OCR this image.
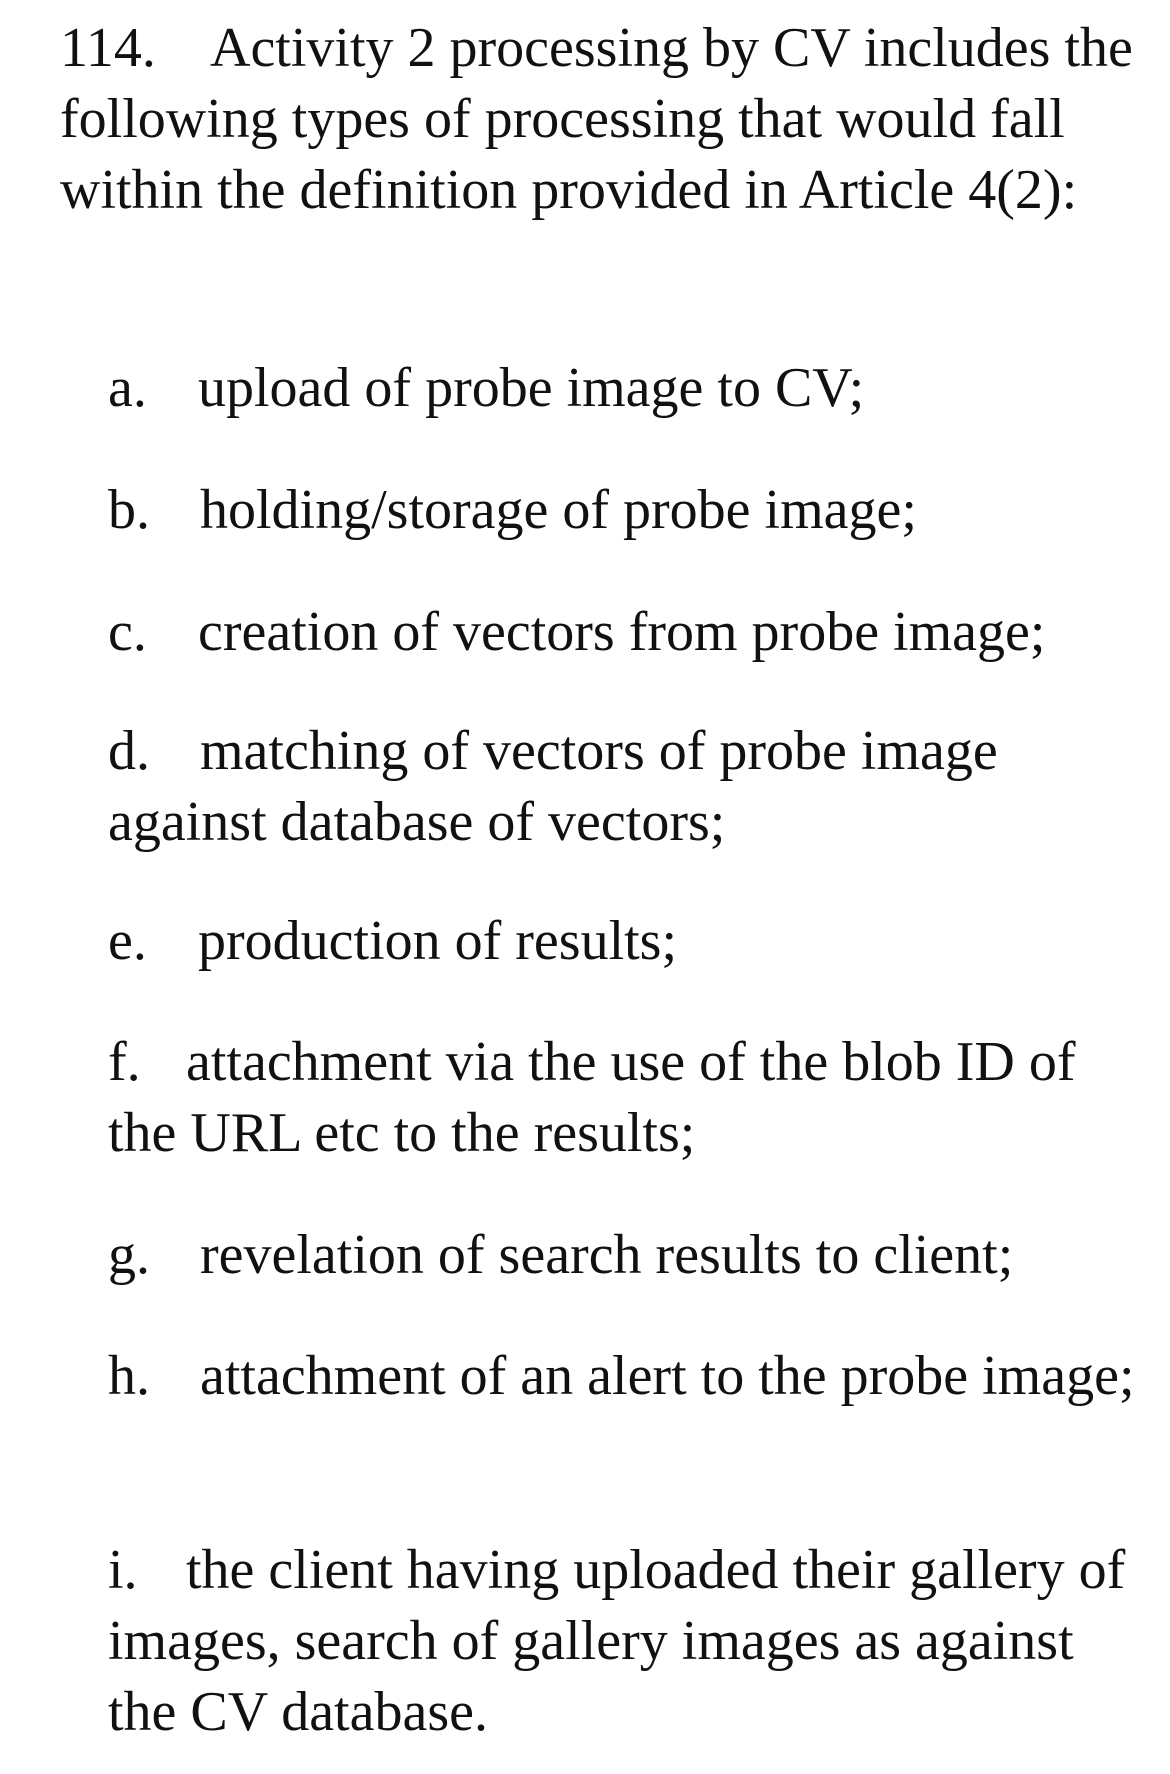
114. Activity 2 processing by CV includes the following types of processing that would fall within the definition provided in Article 4(2):

a. upload of probe image to CV;

b. holding/storage of probe image;

c. creation of vectors from probe image;

d. matching of vectors of probe image against database of vectors;

e. production of results;

f. attachment via the use of the blob ID of the URL etc to the results;

g. revelation of search results to client;

h. attachment of an alert to the probe image;

i. the client having uploaded their gallery of images, search of gallery images as against the CV database.
